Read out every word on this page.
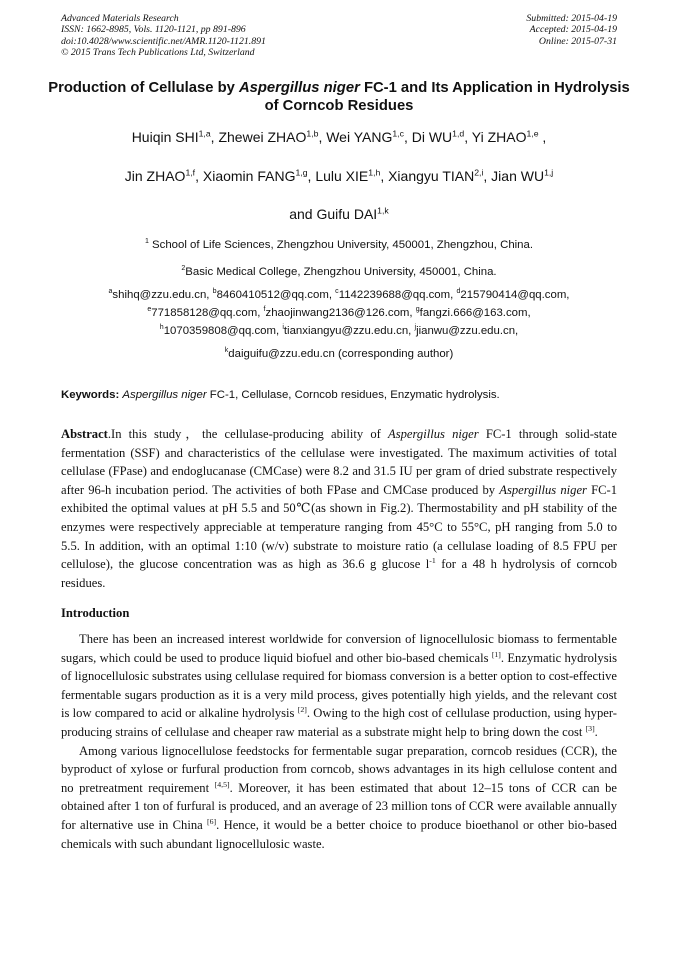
Advanced Materials Research
ISSN: 1662-8985, Vols. 1120-1121, pp 891-896
doi:10.4028/www.scientific.net/AMR.1120-1121.891
© 2015 Trans Tech Publications Ltd, Switzerland
Submitted: 2015-04-19
Accepted: 2015-04-19
Online: 2015-07-31
Production of Cellulase by Aspergillus niger FC-1 and Its Application in Hydrolysis of Corncob Residues
Huiqin SHI$^{1,a}$, Zhewei ZHAO$^{1,b}$, Wei YANG$^{1,c}$, Di WU$^{1,d}$, Yi ZHAO$^{1,e}$ ,
Jin ZHAO$^{1,f}$, Xiaomin FANG$^{1,g}$, Lulu XIE$^{1,h}$, Xiangyu TIAN$^{2,i}$, Jian WU$^{1,j}$
and Guifu DAI$^{1,k}$
$^1$ School of Life Sciences, Zhengzhou University, 450001, Zhengzhou, China.
$^2$Basic Medical College, Zhengzhou University, 450001, China.
$^a$shihq@zzu.edu.cn, $^b$8460410512@qq.com, $^c$1142239688@qq.com, $^d$215790414@qq.com,
$^e$771858128@qq.com, $^f$zhaojinwang2136@126.com, $^g$fangzi.666@163.com,
$^h$1070359808@qq.com, $^i$tianxiangyu@zzu.edu.cn, $^j$jianwu@zzu.edu.cn,
$^k$daiguifu@zzu.edu.cn (corresponding author)
Keywords: Aspergillus niger FC-1, Cellulase, Corncob residues, Enzymatic hydrolysis.
Abstract.In this study，the cellulase-producing ability of Aspergillus niger FC-1 through solid-state fermentation (SSF) and characteristics of the cellulase were investigated. The maximum activities of total cellulase (FPase) and endoglucanase (CMCase) were 8.2 and 31.5 IU per gram of dried substrate respectively after 96-h incubation period. The activities of both FPase and CMCase produced by Aspergillus niger FC-1 exhibited the optimal values at pH 5.5 and 50℃(as shown in Fig.2). Thermostability and pH stability of the enzymes were respectively appreciable at temperature ranging from 45°C to 55°C, pH ranging from 5.0 to 5.5. In addition, with an optimal 1:10 (w/v) substrate to moisture ratio (a cellulase loading of 8.5 FPU per cellulose), the glucose concentration was as high as 36.6 g glucose $l^{-1}$ for a 48 h hydrolysis of corncob residues.
Introduction

There has been an increased interest worldwide for conversion of lignocellulosic biomass to fermentable sugars, which could be used to produce liquid biofuel and other bio-based chemicals [1]. Enzymatic hydrolysis of lignocellulosic substrates using cellulase required for biomass conversion is a better option to cost-effective fermentable sugars production as it is a very mild process, gives potentially high yields, and the relevant cost is low compared to acid or alkaline hydrolysis [2]. Owing to the high cost of cellulase production, using hyper-producing strains of cellulase and cheaper raw material as a substrate might help to bring down the cost [3].

Among various lignocellulose feedstocks for fermentable sugar preparation, corncob residues (CCR), the byproduct of xylose or furfural production from corncob, shows advantages in its high cellulose content and no pretreatment requirement [4,5]. Moreover, it has been estimated that about 12–15 tons of CCR can be obtained after 1 ton of furfural is produced, and an average of 23 million tons of CCR were available annually for alternative use in China [6]. Hence, it would be a better choice to produce bioethanol or other bio-based chemicals with such abundant lignocellulosic waste.
